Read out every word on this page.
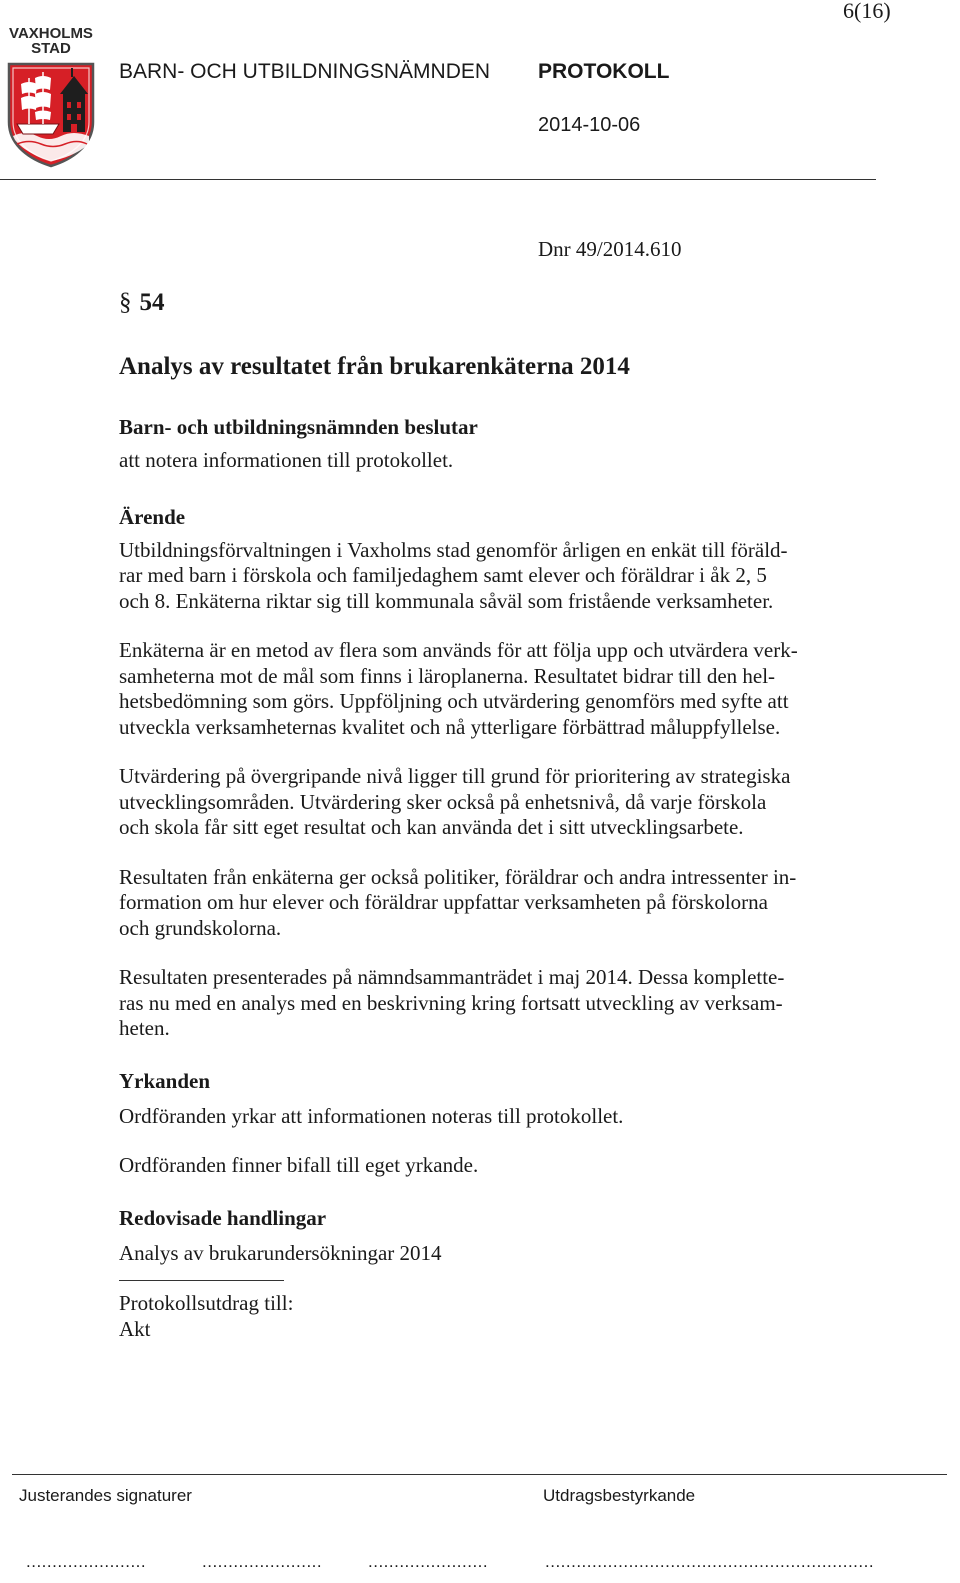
6(16)
VAXHOLMS
STAD
BARN- OCH UTBILDNINGSNÄMNDEN PROTOKOLL
2014-10-06
Dnr 49/2014.610
§ 54
Analys av resultatet från brukarenkäterna 2014
Barn- och utbildningsnämnden beslutar

att notera informationen till protokollet.

Ärende

Utbildningsförvaltningen i Vaxholms stad genomför årligen en enkät till föräld-
rar med barn i förskola och familjedaghem samt elever och föräldrar i åk 2, 5
och 8. Enkäterna riktar sig till kommunala såväl som fristående verksamheter.

Enkäterna är en metod av flera som används för att följa upp och utvärdera verk-
samheterna mot de mål som finns i läroplanerna. Resultatet bidrar till den hel-
hetsbedömning som görs. Uppföljning och utvärdering genomförs med syfte att
utveckla verksamheternas kvalitet och nå ytterligare förbättrad måluppfyllelse.

Utvärdering på övergripande nivå ligger till grund för prioritering av strategiska
utvecklingsområden. Utvärdering sker också på enhetsnivå, då varje förskola
och skola får sitt eget resultat och kan använda det i sitt utvecklingsarbete.

Resultaten från enkäterna ger också politiker, föräldrar och andra intressenter in-
formation om hur elever och föräldrar uppfattar verksamheten på förskolorna
och grundskolorna.

Resultaten presenterades på nämndsammanträdet i maj 2014. Dessa komplette-
ras nu med en analys med en beskrivning kring fortsatt utveckling av verksam-
heten.

Yrkanden

Ordföranden yrkar att informationen noteras till protokollet.

Ordföranden finner bifall till eget yrkande.

Redovisade handlingar

Analys av brukarundersökningar 2014

Protokollsutdrag till:

Akt

Justerandes signaturer	Utdragsbestyrkande
.......................	.......................	.......................	...............................................................
